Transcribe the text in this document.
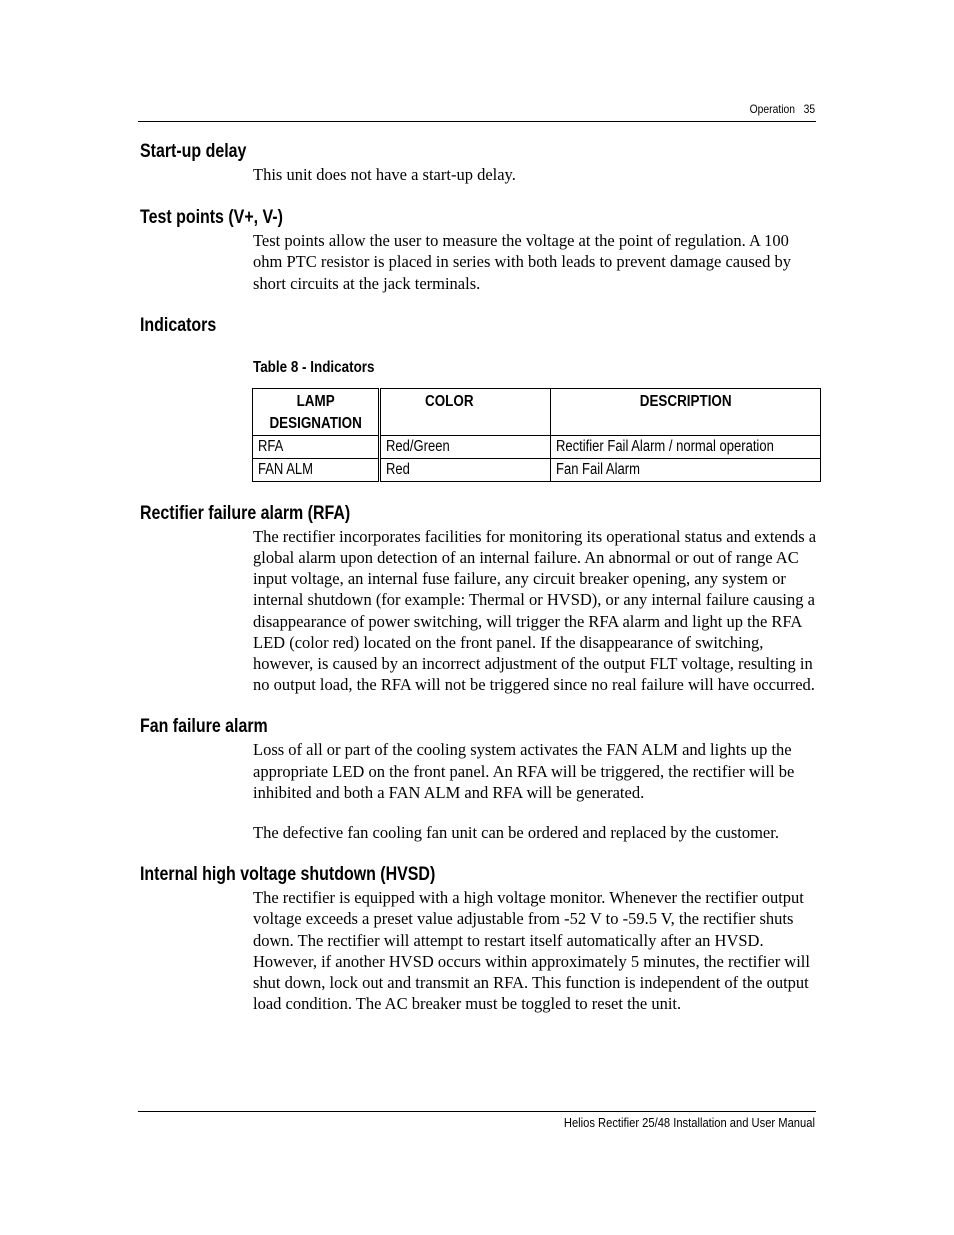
Operation 35
Start-up delay

This unit does not have a start-up delay.

Test points (V+, V-)

Test points allow the user to measure the voltage at the point of regulation. A 100 ohm PTC resistor is placed in series with both leads to prevent damage caused by short circuits at the jack terminals.

Indicators

Table 8 - Indicators

LAMP DESIGNATION	COLOR	DESCRIPTION
RFA	Red/Green	Rectifier Fail Alarm / normal operation
FAN ALM	Red	Fan Fail Alarm
Rectifier failure alarm (RFA)

The rectifier incorporates facilities for monitoring its operational status and extends a global alarm upon detection of an internal failure. An abnormal or out of range AC input voltage, an internal fuse failure, any circuit breaker opening, any system or internal shutdown (for example: Thermal or HVSD), or any internal failure causing a disappearance of power switching, will trigger the RFA alarm and light up the RFA LED (color red) located on the front panel. If the disappearance of switching, however, is caused by an incorrect adjustment of the output FLT voltage, resulting in no output load, the RFA will not be triggered since no real failure will have occurred.

Fan failure alarm

Loss of all or part of the cooling system activates the FAN ALM and lights up the appropriate LED on the front panel. An RFA will be triggered, the rectifier will be inhibited and both a FAN ALM and RFA will be generated.

The defective fan cooling fan unit can be ordered and replaced by the customer.

Internal high voltage shutdown (HVSD)

The rectifier is equipped with a high voltage monitor. Whenever the rectifier output voltage exceeds a preset value adjustable from -52 V to -59.5 V, the rectifier shuts down. The rectifier will attempt to restart itself automatically after an HVSD. However, if another HVSD occurs within approximately 5 minutes, the rectifier will shut down, lock out and transmit an RFA. This function is independent of the output load condition. The AC breaker must be toggled to reset the unit.

Helios Rectifier 25/48 Installation and User Manual
